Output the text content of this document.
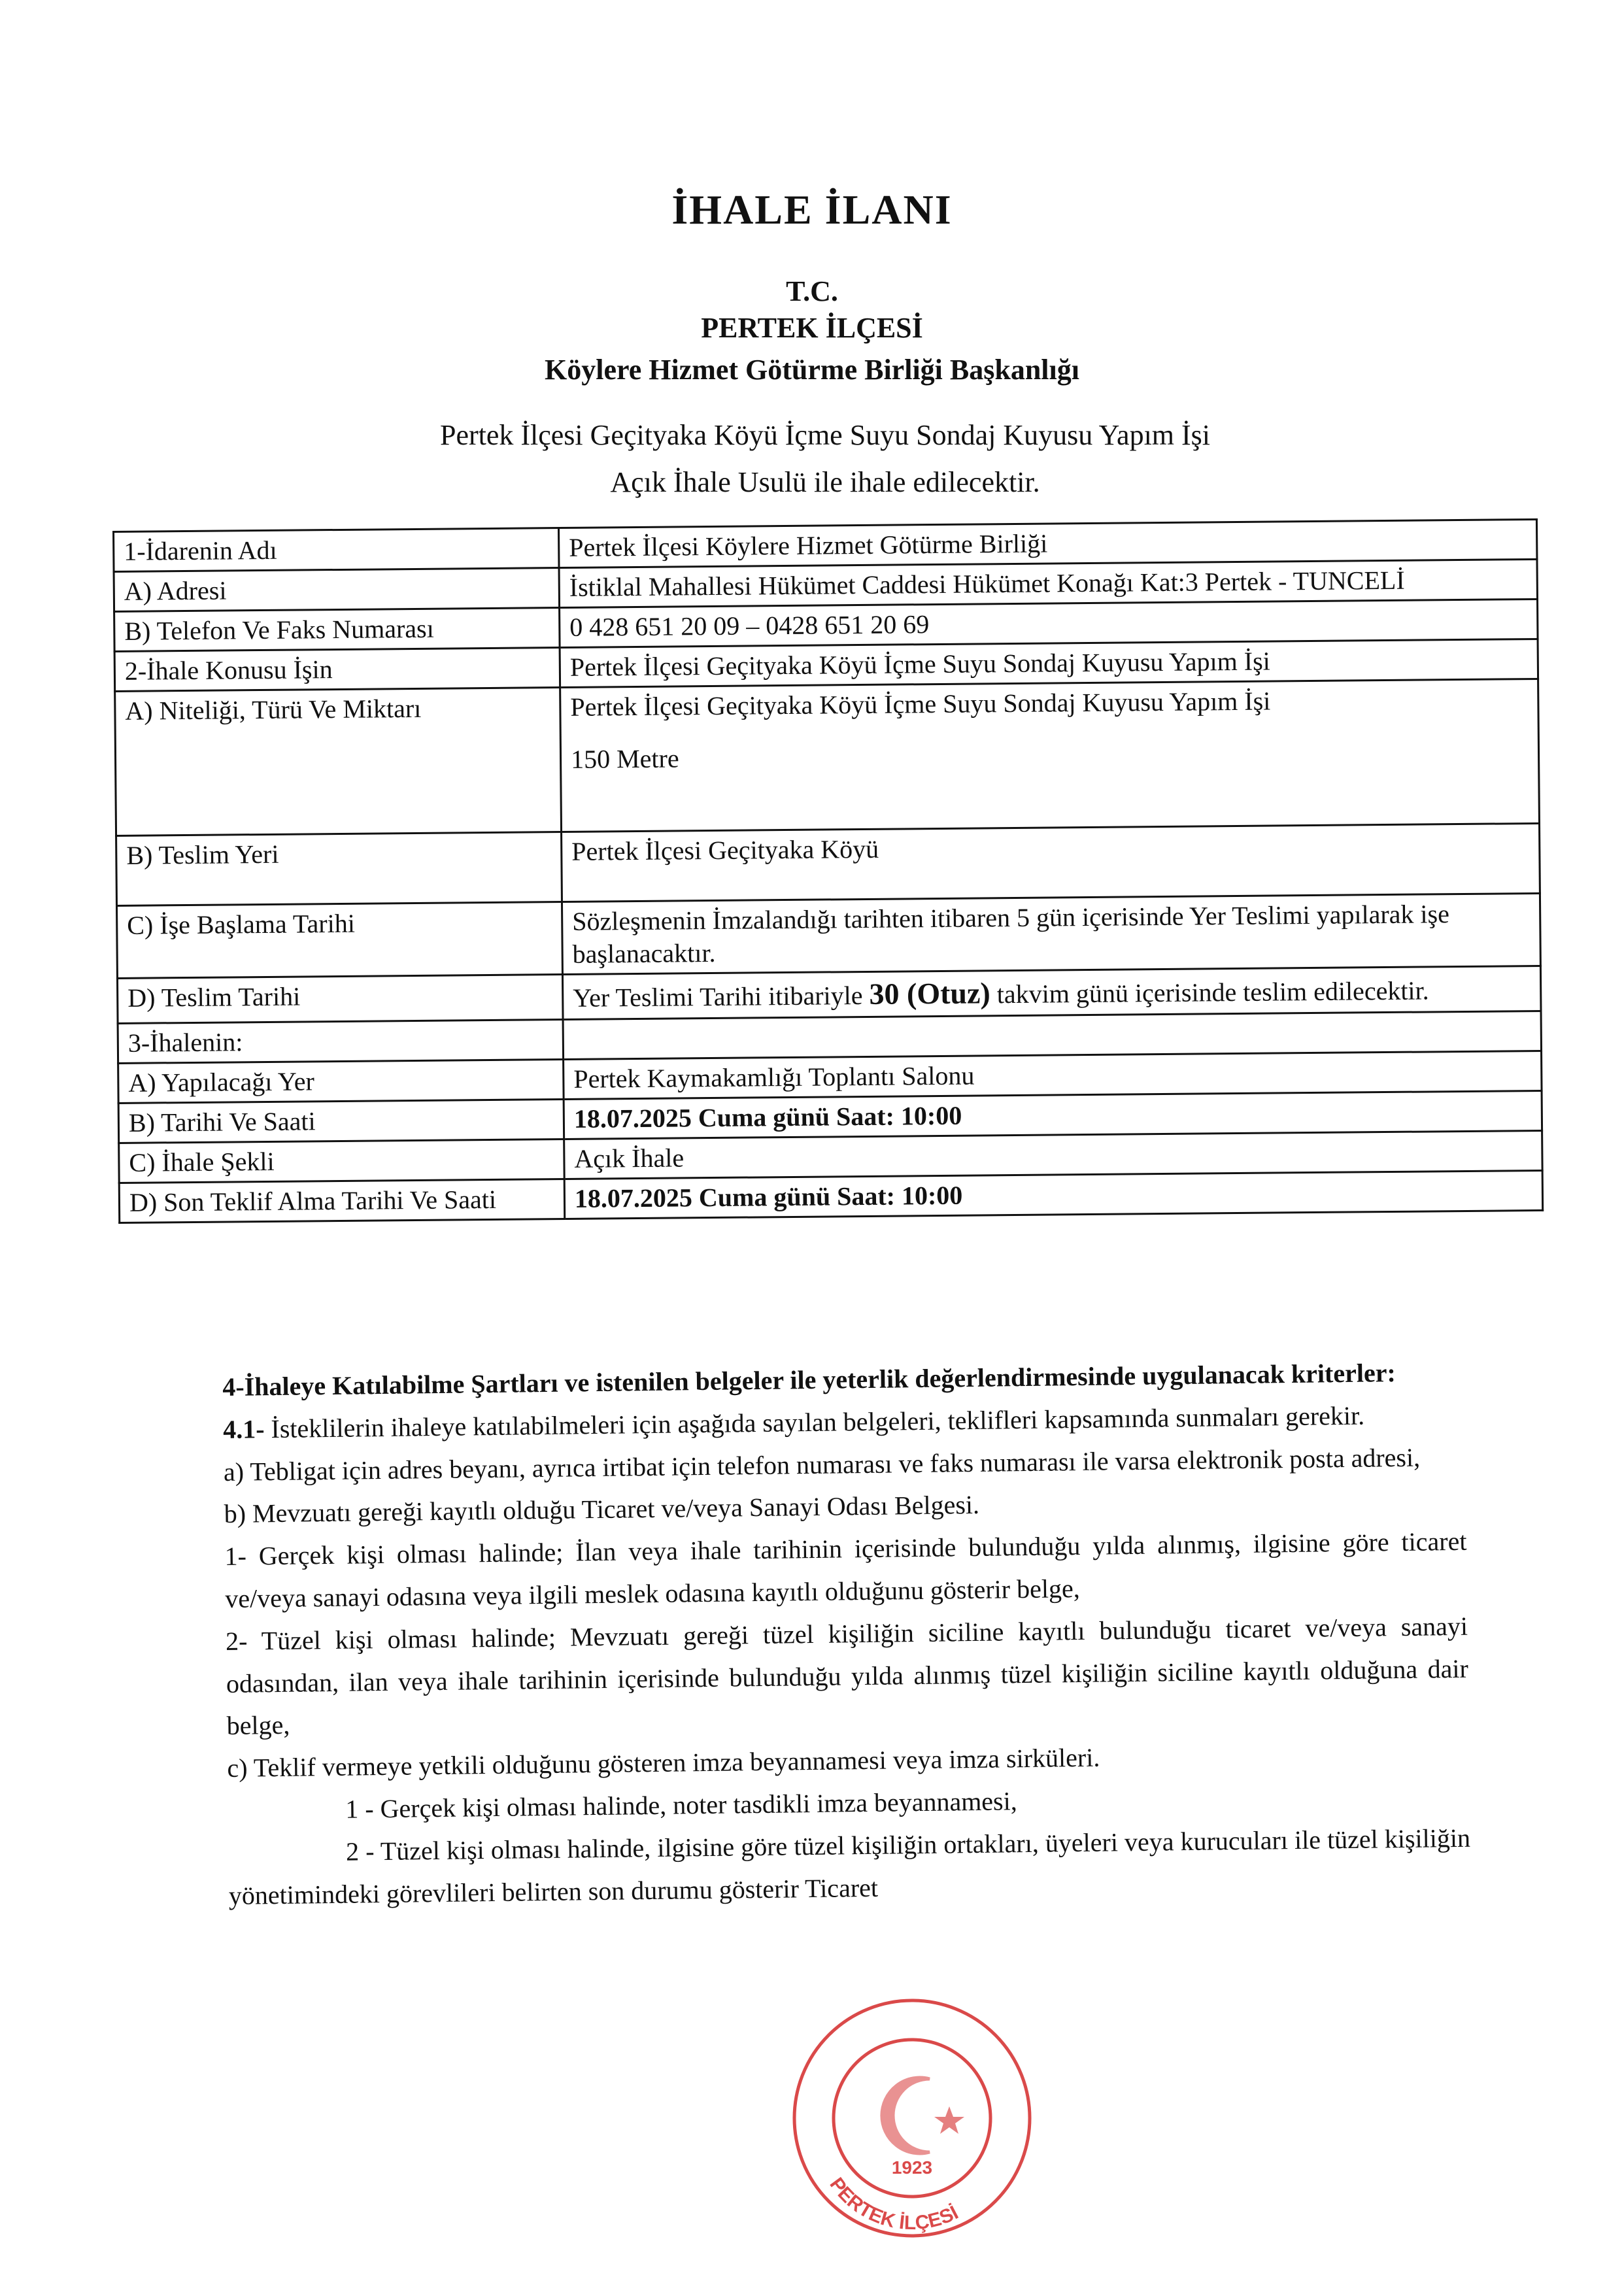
İHALE İLANI
T.C.
PERTEK İLÇESİ
Köylere Hizmet Götürme Birliği Başkanlığı
Pertek İlçesi Geçityaka Köyü İçme Suyu Sondaj Kuyusu Yapım İşi
Açık İhale Usulü ile ihale edilecektir.
1-İdarenin Adı	Pertek İlçesi Köylere Hizmet Götürme Birliği
A) Adresi	İstiklal Mahallesi Hükümet Caddesi Hükümet Konağı Kat:3 Pertek - TUNCELİ
B) Telefon Ve Faks Numarası	0 428 651 20 09 – 0428 651 20 69
2-İhale Konusu İşin	Pertek İlçesi Geçityaka Köyü İçme Suyu Sondaj Kuyusu Yapım İşi
A) Niteliği, Türü Ve Miktarı	Pertek İlçesi Geçityaka Köyü İçme Suyu Sondaj Kuyusu Yapım İşi
150 Metre
B) Teslim Yeri	Pertek İlçesi Geçityaka Köyü
C) İşe Başlama Tarihi	Sözleşmenin İmzalandığı tarihten itibaren 5 gün içerisinde Yer Teslimi yapılarak işe başlanacaktır.
D) Teslim Tarihi	Yer Teslimi Tarihi itibariyle 30 (Otuz) takvim günü içerisinde teslim edilecektir.
3-İhalenin:	
A) Yapılacağı Yer	Pertek Kaymakamlığı Toplantı Salonu
B) Tarihi Ve Saati	18.07.2025 Cuma günü Saat: 10:00
C) İhale Şekli	Açık İhale
D) Son Teklif Alma Tarihi Ve Saati	18.07.2025 Cuma günü Saat: 10:00

4-İhaleye Katılabilme Şartları ve istenilen belgeler ile yeterlik değerlendirmesinde uygulanacak kriterler:

4.1- İsteklilerin ihaleye katılabilmeleri için aşağıda sayılan belgeleri, teklifleri kapsamında sunmaları gerekir.

a) Tebligat için adres beyanı, ayrıca irtibat için telefon numarası ve faks numarası ile varsa elektronik posta adresi,

b) Mevzuatı gereği kayıtlı olduğu Ticaret ve/veya Sanayi Odası Belgesi.

1- Gerçek kişi olması halinde; İlan veya ihale tarihinin içerisinde bulunduğu yılda alınmış, ilgisine göre ticaret ve/veya sanayi odasına veya ilgili meslek odasına kayıtlı olduğunu gösterir belge,

2- Tüzel kişi olması halinde; Mevzuatı gereği tüzel kişiliğin siciline kayıtlı bulunduğu ticaret ve/veya sanayi odasından, ilan veya ihale tarihinin içerisinde bulunduğu yılda alınmış tüzel kişiliğin siciline kayıtlı olduğuna dair belge,

c) Teklif vermeye yetkili olduğunu gösteren imza beyannamesi veya imza sirküleri.

1 - Gerçek kişi olması halinde, noter tasdikli imza beyannamesi,

2 - Tüzel kişi olması halinde, ilgisine göre tüzel kişiliğin ortakları, üyeleri veya kurucuları ile tüzel kişiliğin yönetimindeki görevlileri belirten son durumu gösterir Ticaret

PERTEK İLÇESİ
1923
